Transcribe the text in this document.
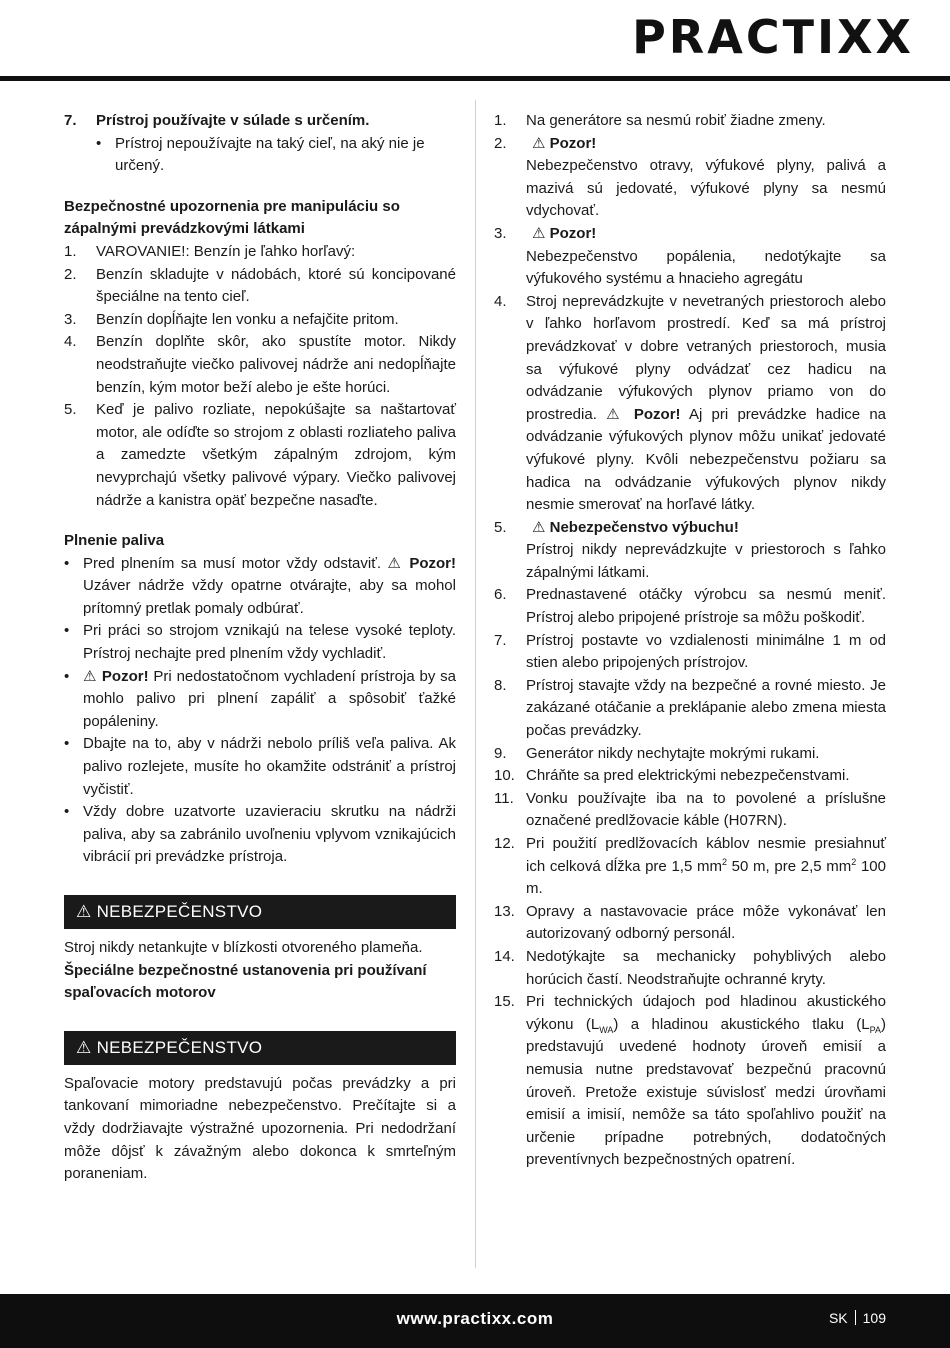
PRACTIXX
7.	Prístroj používajte v súlade s určením.
• Prístroj nepoužívajte na taký cieľ, na aký nie je určený.

Bezpečnostné upozornenia pre manipuláciu so zápalnými prevádzkovými látkami

1.	VAROVANIE!: Benzín je ľahko horľavý:
2.	Benzín skladujte v nádobách, ktoré sú koncipované špeciálne na tento cieľ.
3.	Benzín dopĺňajte len vonku a nefajčite pritom.
4.	Benzín doplňte skôr, ako spustíte motor. Nikdy neodstraňujte viečko palivovej nádrže ani nedopĺňajte benzín, kým motor beží alebo je ešte horúci.
5.	Keď je palivo rozliate, nepokúšajte sa naštartovať motor, ale odíďte so strojom z oblasti rozliateho paliva a zamedzte všetkým zápalným zdrojom, kým nevyprchajú všetky palivové výpary. Viečko palivovej nádrže a kanistra opäť bezpečne nasaďte.

Plnenie paliva

• Pred plnením sa musí motor vždy odstaviť. ⚠ Pozor! Uzáver nádrže vždy opatrne otvárajte, aby sa mohol prítomný pretlak pomaly odbúrať.
• Pri práci so strojom vznikajú na telese vysoké teploty. Prístroj nechajte pred plnením vždy vychladiť.
• ⚠ Pozor! Pri nedostatočnom vychladení prístroja by sa mohlo palivo pri plnení zapáliť a spôsobiť ťažké popáleniny.
• Dbajte na to, aby v nádrži nebolo príliš veľa paliva. Ak palivo rozlejete, musíte ho okamžite odstrániť a prístroj vyčistiť.
• Vždy dobre uzatvorte uzavieraciu skrutku na nádrži paliva, aby sa zabránilo uvoľneniu vplyvom vznikajúcich vibrácií pri prevádzke prístroja.
⚠ NEBEZPEČENSTVO

Stroj nikdy netankujte v blízkosti otvoreného plameňa.

Špeciálne bezpečnostné ustanovenia pri používaní spaľovacích motorov

⚠ NEBEZPEČENSTVO

Spaľovacie motory predstavujú počas prevádzky a pri tankovaní mimoriadne nebezpečenstvo. Prečítajte si a vždy dodržiavajte výstražné upozornenia. Pri nedodržaní môže dôjsť k závažným alebo dokonca k smrteľným poraneniam.

1.	Na generátore sa nesmú robiť žiadne zmeny.
2.	⚠ Pozor!
Nebezpečenstvo otravy, výfukové plyny, palivá a mazivá sú jedovaté, výfukové plyny sa nesmú vdychovať.
3.	⚠ Pozor!
Nebezpečenstvo popálenia, nedotýkajte sa výfukového systému a hnacieho agregátu
4.	Stroj neprevádzkujte v nevetraných priestoroch alebo v ľahko horľavom prostredí. Keď sa má prístroj prevádzkovať v dobre vetraných priestoroch, musia sa výfukové plyny odvádzať cez hadicu na odvádzanie výfukových plynov priamo von do prostredia. ⚠ Pozor! Aj pri prevádzke hadice na odvádzanie výfukových plynov môžu unikať jedovaté výfukové plyny. Kvôli nebezpečenstvu požiaru sa hadica na odvádzanie výfukových plynov nikdy nesmie smerovať na horľavé látky.
5.	⚠ Nebezpečenstvo výbuchu!
Prístroj nikdy neprevádzkujte v priestoroch s ľahko zápalnými látkami.
6.	Prednastavené otáčky výrobcu sa nesmú meniť. Prístroj alebo pripojené prístroje sa môžu poškodiť.
7.	Prístroj postavte vo vzdialenosti minimálne 1 m od stien alebo pripojených prístrojov.
8.	Prístroj stavajte vždy na bezpečné a rovné miesto. Je zakázané otáčanie a preklápanie alebo zmena miesta počas prevádzky.
9.	Generátor nikdy nechytajte mokrými rukami.
10. Chráňte sa pred elektrickými nebezpečenstvami.
11. Vonku používajte iba na to povolené a príslušne označené predlžovacie káble (H07RN).
12. Pri použití predlžovacích káblov nesmie presiahnuť ich celková dĺžka pre 1,5 $mm^2$ 50 m, pre 2,5 $mm^2$ 100 m.
13. Opravy a nastavovacie práce môže vykonávať len autorizovaný odborný personál.
14. Nedotýkajte sa mechanicky pohyblivých alebo horúcich častí. Neodstraňujte ochranné kryty.
15. Pri technických údajoch pod hladinou akustického výkonu $(L_{WA})$ a hladinou akustického tlaku $(L_{PA})$ predstavujú uvedené hodnoty úroveň emisií a nemusia nutne predstavovať bezpečnú pracovnú úroveň. Pretože existuje súvislosť medzi úrovňami emisií a imisií, nemôže sa táto spoľahlivo použiť na určenie prípadne potrebných, dodatočných preventívnych bezpečnostných opatrení.
www.practixx.com	SK 109
